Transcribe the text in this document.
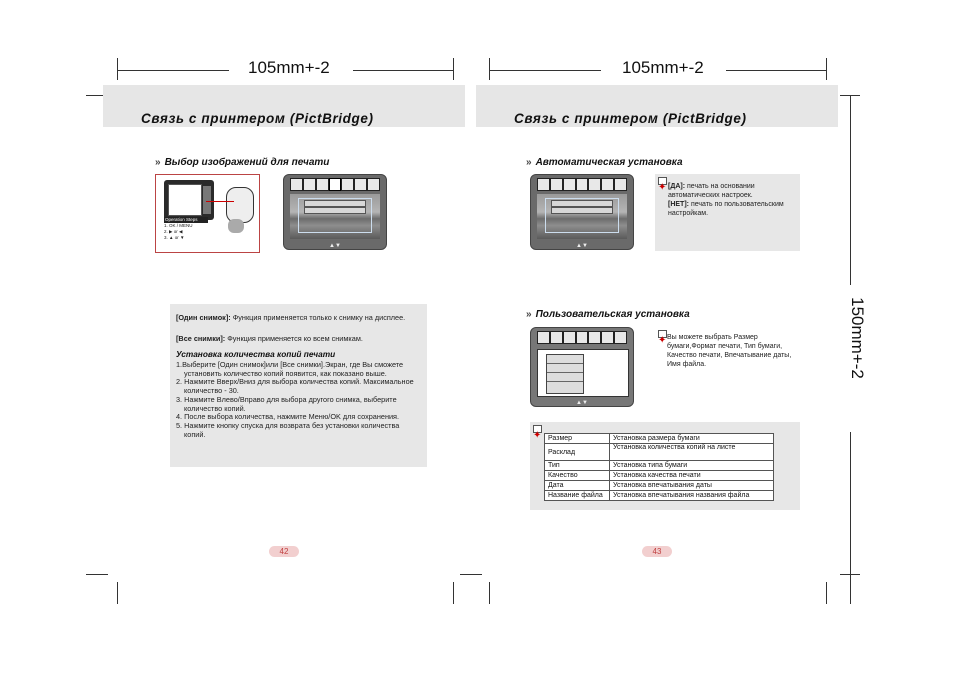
105mm+-2	105mm+-2
150mm+-2
Связь с принтером (PictBridge)
» Выбор изображений для печати
Operation Steps
1. OK / MENU
2. ▶ or ◀
3. ▲ or ▼
▲▼
[Один снимок]: Функция применяется только к снимку на дисплее.
[Все снимки]: Функция применяется ко всем снимкам.
Установка количества копий печати
1.Выберите [Один снимок]или [Все снимки].Экран, где Вы сможете установить количество копий появится, как показано выше.
2. Нажмите Вверх/Вниз для выбора количества копий. Максимальное количество - 30.
3. Нажмите Влево/Вправо для выбора другого снимка, выберите количество копий.
4. После выбора количества, нажмите Меню/OK для сохранения.
5. Нажмите кнопку спуска для возврата без установки количества копий.
42
Связь с принтером (PictBridge)
» Автоматическая установка
▲▼
✦ [ДА]: печать на основании автоматических настроек.
[НЕТ]: печать по пользовательским настройкам.
» Пользовательская установка
▲▼
✦ Вы можете выбрать Размер бумаги,Формат печати, Тип бумаги, Качество печати, Впечатывание даты, Имя файла.
✦ Размер	Установка размера бумаги
Расклад	Установка количества копий на листе
Тип	Установка типа бумаги
Качество	Установка качества печати
Дата	Установка впечатывания даты
Название файла	Установка впечатывания названия файла
43
